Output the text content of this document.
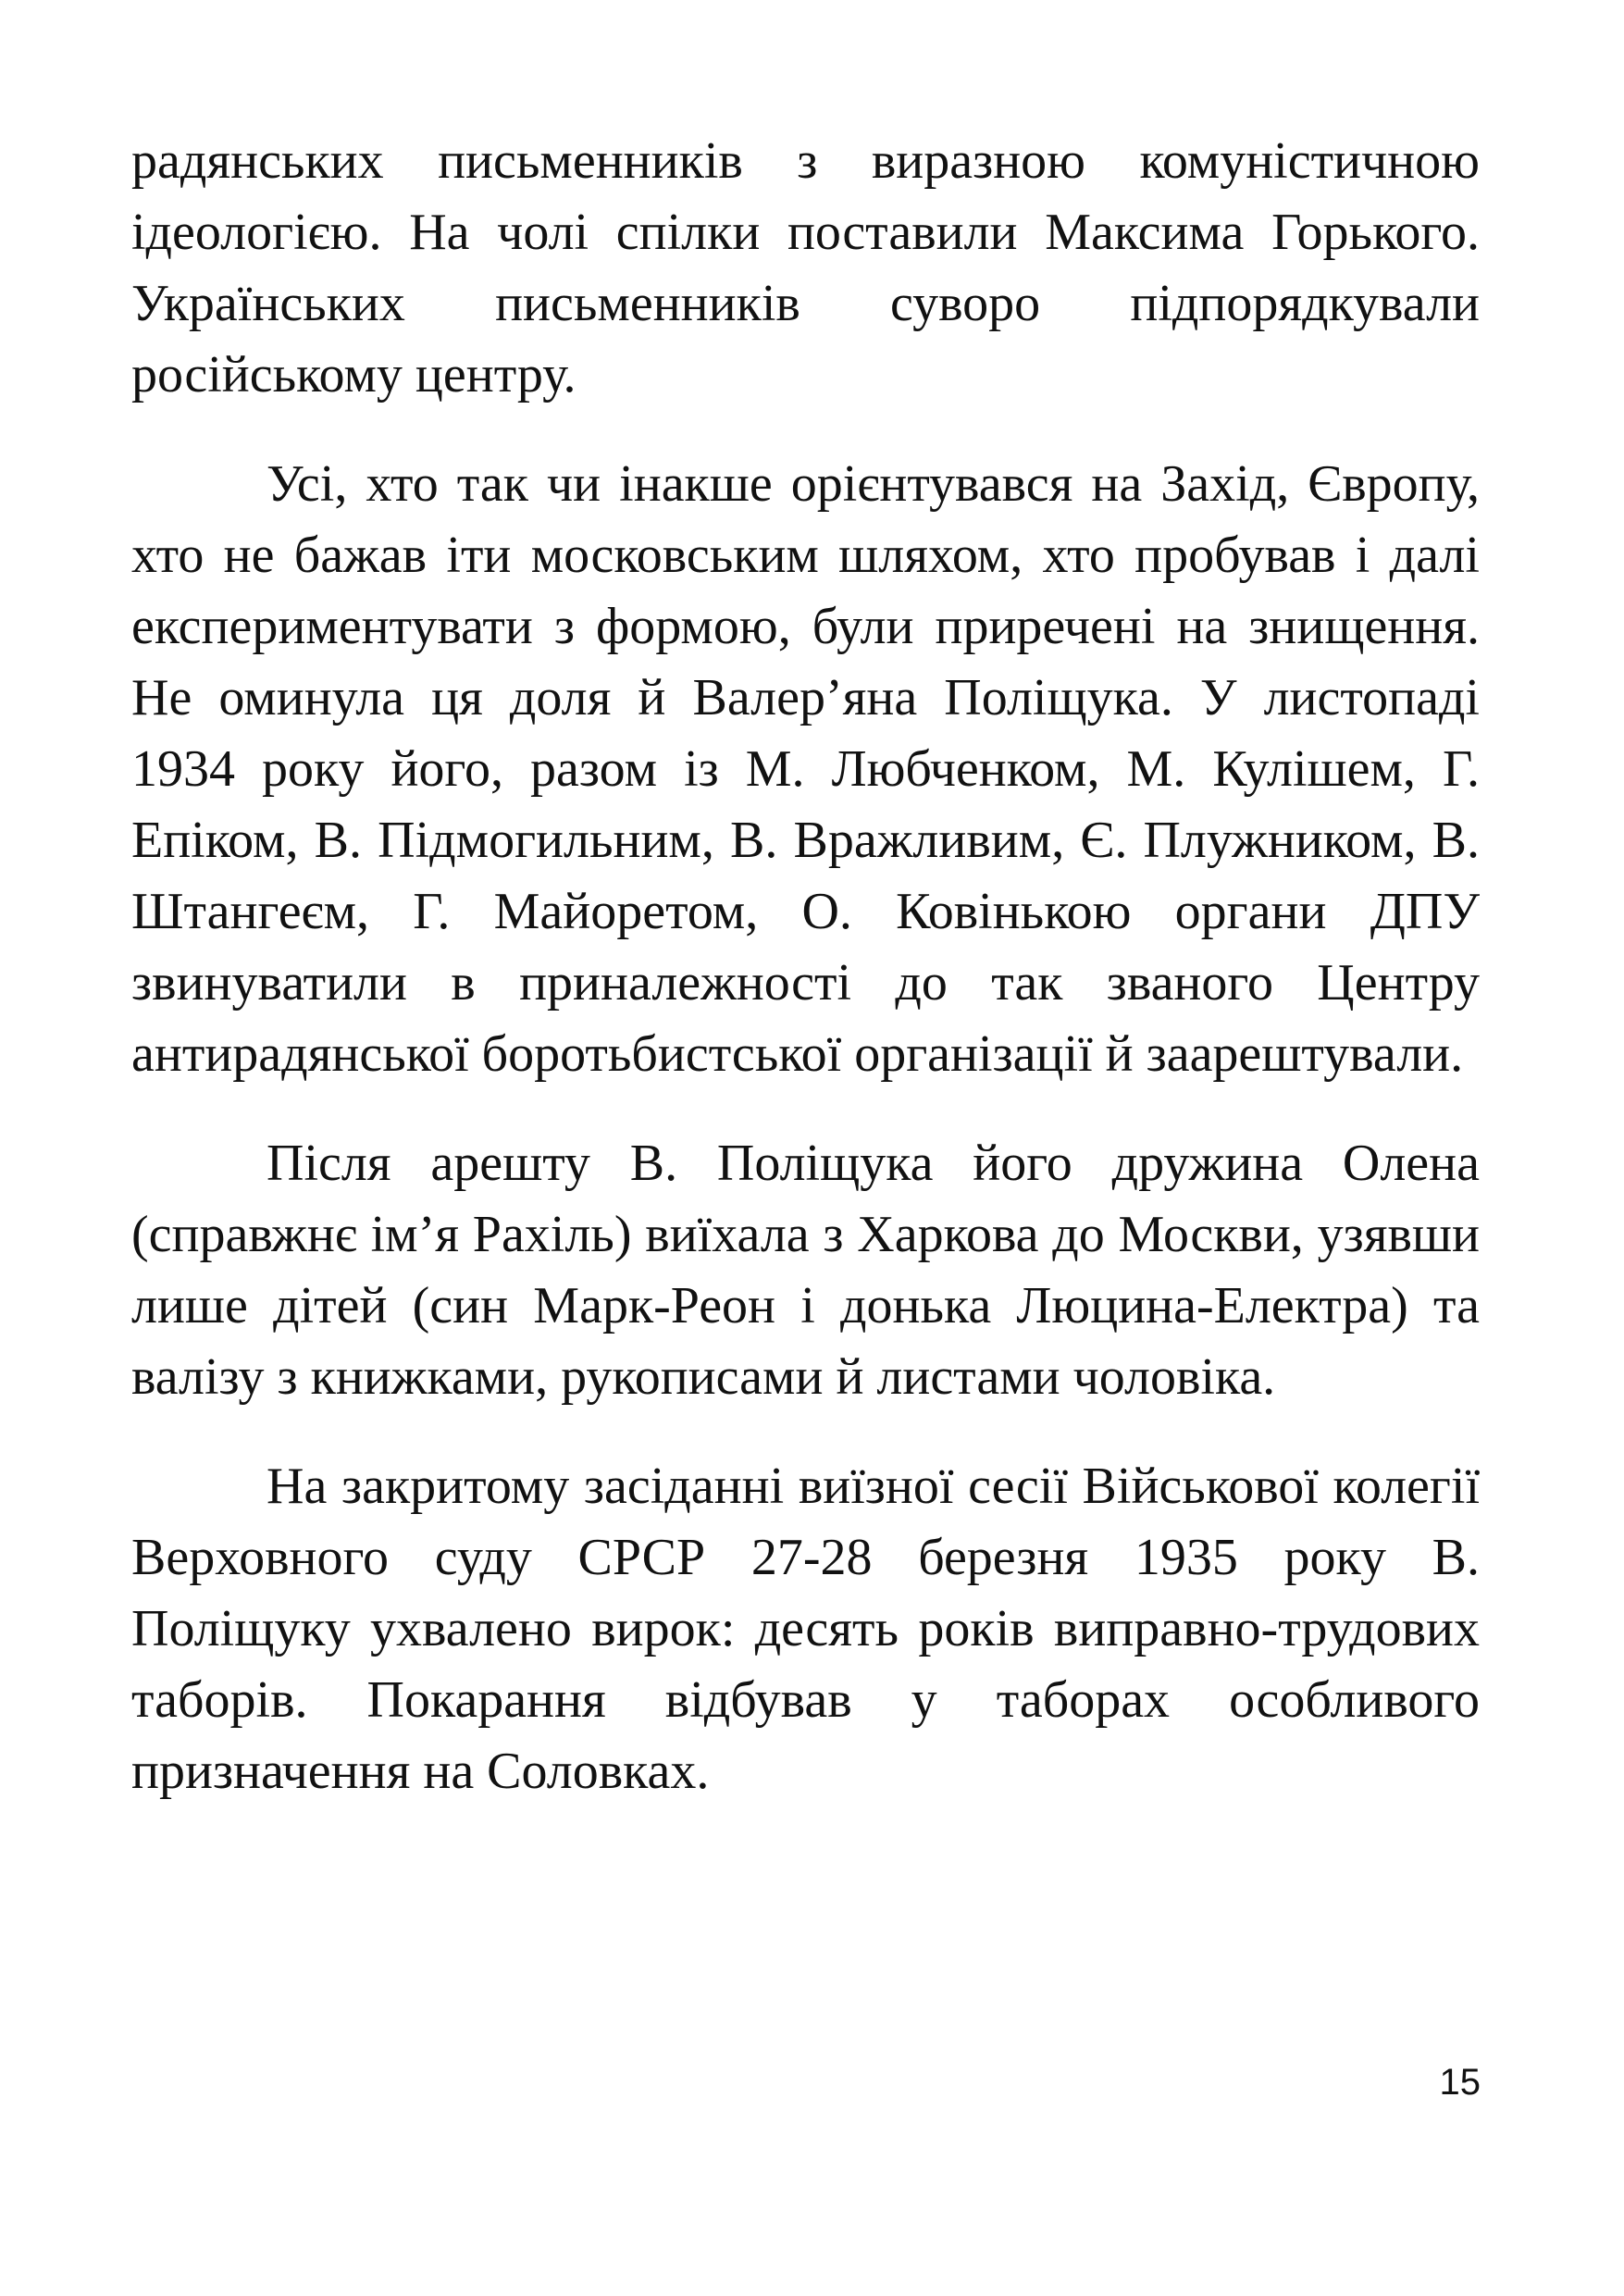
радянських письменників з виразною комуністичною ідеологією. На чолі спілки поставили Максима Горького. Українських письменників суворо підпорядкували російському центру.

Усі, хто так чи інакше орієнтувався на Захід, Європу, хто не бажав іти московським шляхом, хто пробував і далі експериментувати з формою, були приречені на знищення. Не оминула ця доля й Валер’яна Поліщука. У листопаді 1934 року його, разом із М. Любченком, М. Кулішем, Г. Епіком, В. Підмогильним, В. Вражливим, Є. Плужником, В. Штангеєм, Г. Майоретом, О. Ковінькою органи ДПУ звинуватили в приналежності до так званого Центру антирадянської боротьбистської організації й заарештували.

Після арешту В. Поліщука його дружина Олена (справжнє ім’я Рахіль) виїхала з Харкова до Москви, узявши лише дітей (син Марк-Реон і донька Люцина-Електра) та валізу з книжками, рукописами й листами чоловіка.

На закритому засіданні виїзної сесії Військової колегії Верховного суду СРСР 27-28 березня 1935 року В. Поліщуку ухвалено вирок: десять років виправно-трудових таборів. Покарання відбував у таборах особливого призначення на Соловках.

15
